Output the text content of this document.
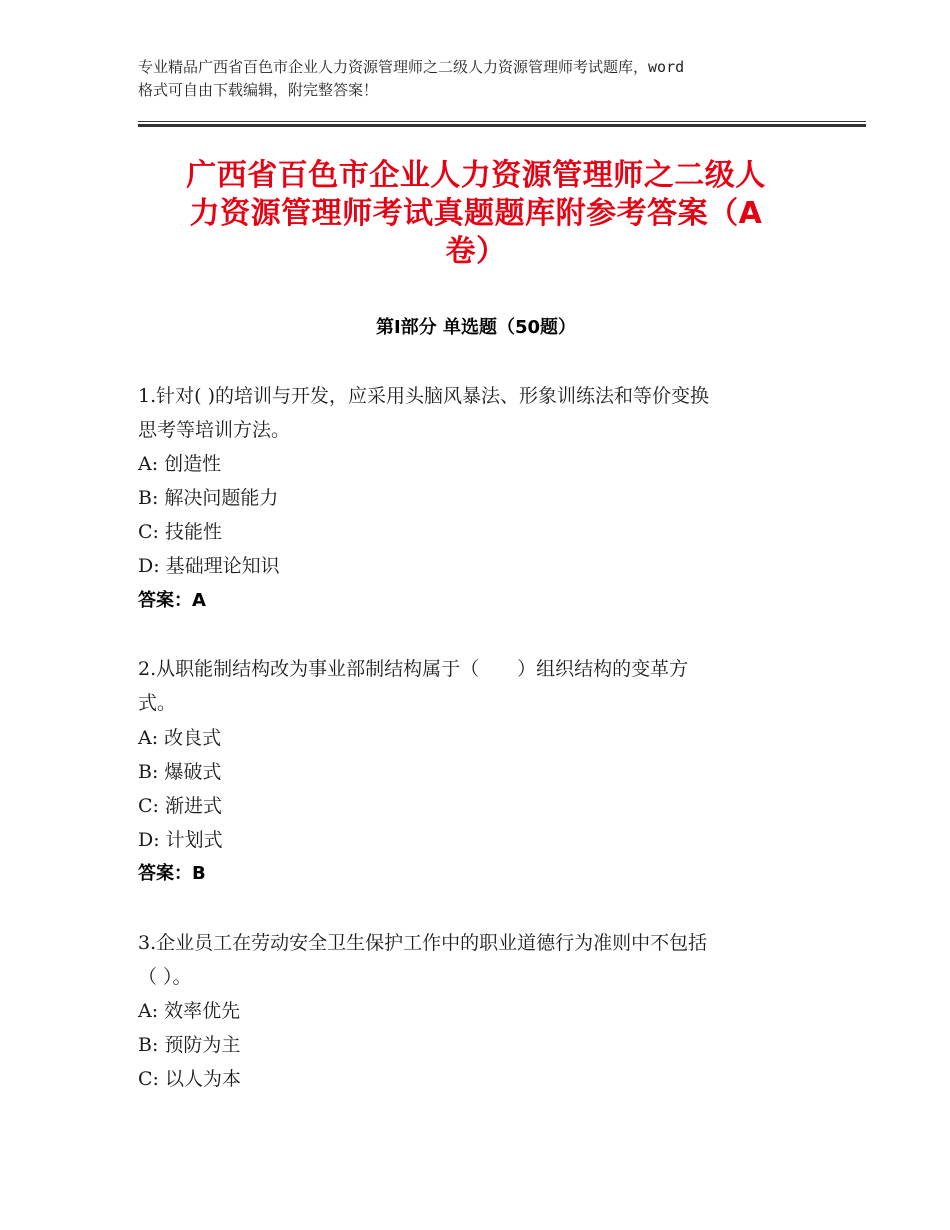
专业精品广西省百色市企业人力资源管理师之二级人力资源管理师考试题库，word
格式可自由下载编辑，附完整答案！
广西省百色市企业人力资源管理师之二级人
力资源管理师考试真题题库附参考答案（A
卷）
第Ⅰ部分 单选题（50题）
1.针对( )的培训与开发，应采用头脑风暴法、形象训练法和等价变换
思考等培训方法。
A: 创造性
B: 解决问题能力
C: 技能性
D: 基础理论知识
答案：A
2.从职能制结构改为事业部制结构属于（　　）组织结构的变革方
式。
A: 改良式
B: 爆破式
C: 渐进式
D: 计划式
答案：B
3.企业员工在劳动安全卫生保护工作中的职业道德行为准则中不包括
（ ）。
A: 效率优先
B: 预防为主
C: 以人为本
